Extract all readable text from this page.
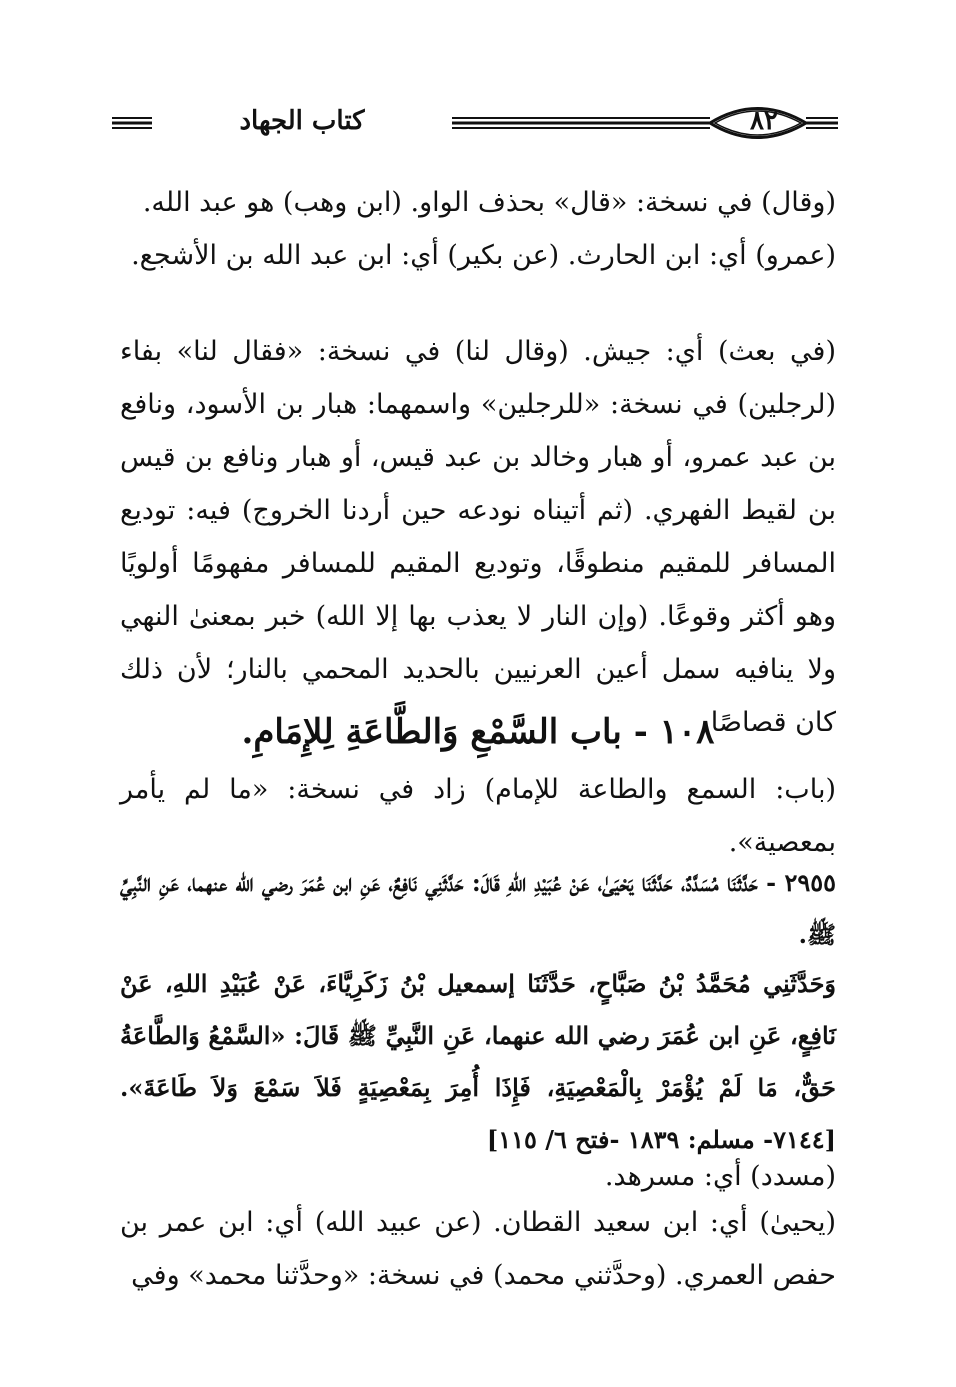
كتاب الجهاد	٨٢
(وقال) في نسخة: «قال» بحذف الواو. (ابن وهب) هو عبد الله.
(عمرو) أي: ابن الحارث. (عن بكير) أي: ابن عبد الله بن الأشجع.
(في بعث) أي: جيش. (وقال لنا) في نسخة: «فقال لنا» بفاء (لرجلين) في نسخة: «للرجلين» واسمهما: هبار بن الأسود، ونافع بن عبد عمرو، أو هبار وخالد بن عبد قيس، أو هبار ونافع بن قيس بن لقيط الفهري. (ثم أتيناه نودعه حين أردنا الخروج) فيه: توديع المسافر للمقيم منطوقًا، وتوديع المقيم للمسافر مفهومًا أولويًا وهو أكثر وقوعًا. (وإن النار لا يعذب بها إلا الله) خبر بمعنىٰ النهي ولا ينافيه سمل أعين العرنيين بالحديد المحمي بالنار؛ لأن ذلك كان قصاصًا.
١٠٨ - باب السَّمْعِ وَالطَّاعَةِ لِلإِمَامِ.
(باب: السمع والطاعة للإمام) زاد في نسخة: «ما لم يأمر بمعصية».
٢٩٥٥ - حَدَّثَنَا مُسَدَّدٌ، حَدَّثَنَا يَحْيَىٰ، عَنْ عُبَيْدِ اللهِ قَالَ: حَدَّثَنِي نَافِعٌ، عَنِ ابن عُمَرَ رضي الله عنهما، عَنِ النَّبِيِّ ﷺ.
وَحَدَّثَنِي مُحَمَّدُ بْنُ صَبَّاحٍ، حَدَّثَنَا إسمعيل بْنُ زَكَرِيَّاءَ، عَنْ عُبَيْدِ اللهِ، عَنْ نَافِعٍ، عَنِ ابن عُمَرَ رضي الله عنهما، عَنِ النَّبِيِّ ﷺ قَالَ: «السَّمْعُ وَالطَّاعَةُ حَقٌّ، مَا لَمْ يُؤْمَرْ بِالْمَعْصِيَةِ، فَإِذَا أُمِرَ بِمَعْصِيَةٍ فَلاَ سَمْعَ وَلاَ طَاعَةَ». [٧١٤٤- مسلم: ١٨٣٩ -فتح ٦/ ١١٥]
(مسدد) أي: مسرهد.
(يحيىٰ) أي: ابن سعيد القطان. (عن عبيد الله) أي: ابن عمر بن حفص العمري. (وحدَّثني محمد) في نسخة: «وحدَّثنا محمد» وفي
